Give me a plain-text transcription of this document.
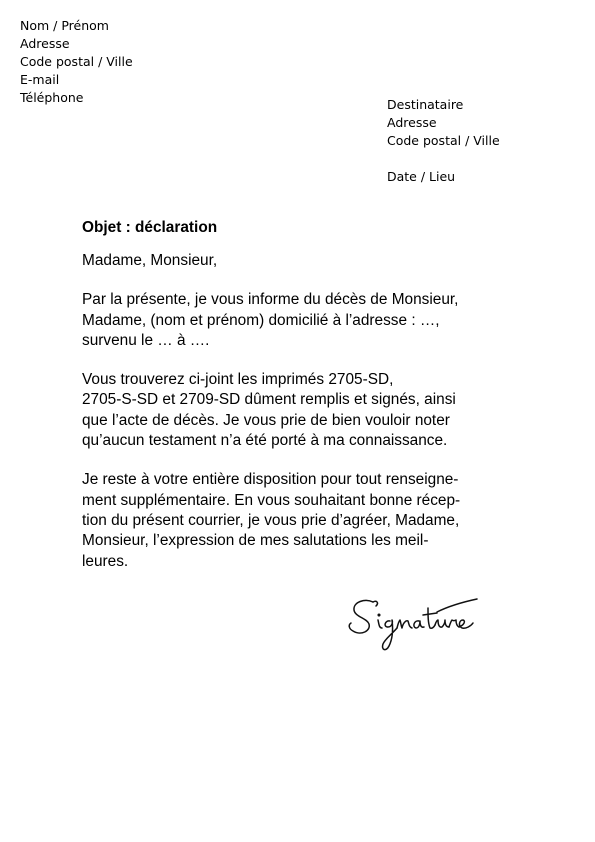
Nom / Prénom
Adresse
Code postal / Ville
E-mail
Téléphone	Destinataire
Adresse
Code postal / Ville
Date / Lieu

Objet : déclaration

Madame, Monsieur,

Par la présente, je vous informe du décès de Monsieur,
Madame, (nom et prénom) domicilié à l’adresse : …,
survenu le … à ….

Vous trouverez ci-joint les imprimés 2705-SD,
2705-S-SD et 2709-SD dûment remplis et signés, ainsi
que l’acte de décès. Je vous prie de bien vouloir noter
qu’aucun testament n’a été porté à ma connaissance.

Je reste à votre entière disposition pour tout renseigne-
ment supplémentaire. En vous souhaitant bonne récep-
tion du présent courrier, je vous prie d’agréer, Madame,
Monsieur, l’expression de mes salutations les meil-
leures.
